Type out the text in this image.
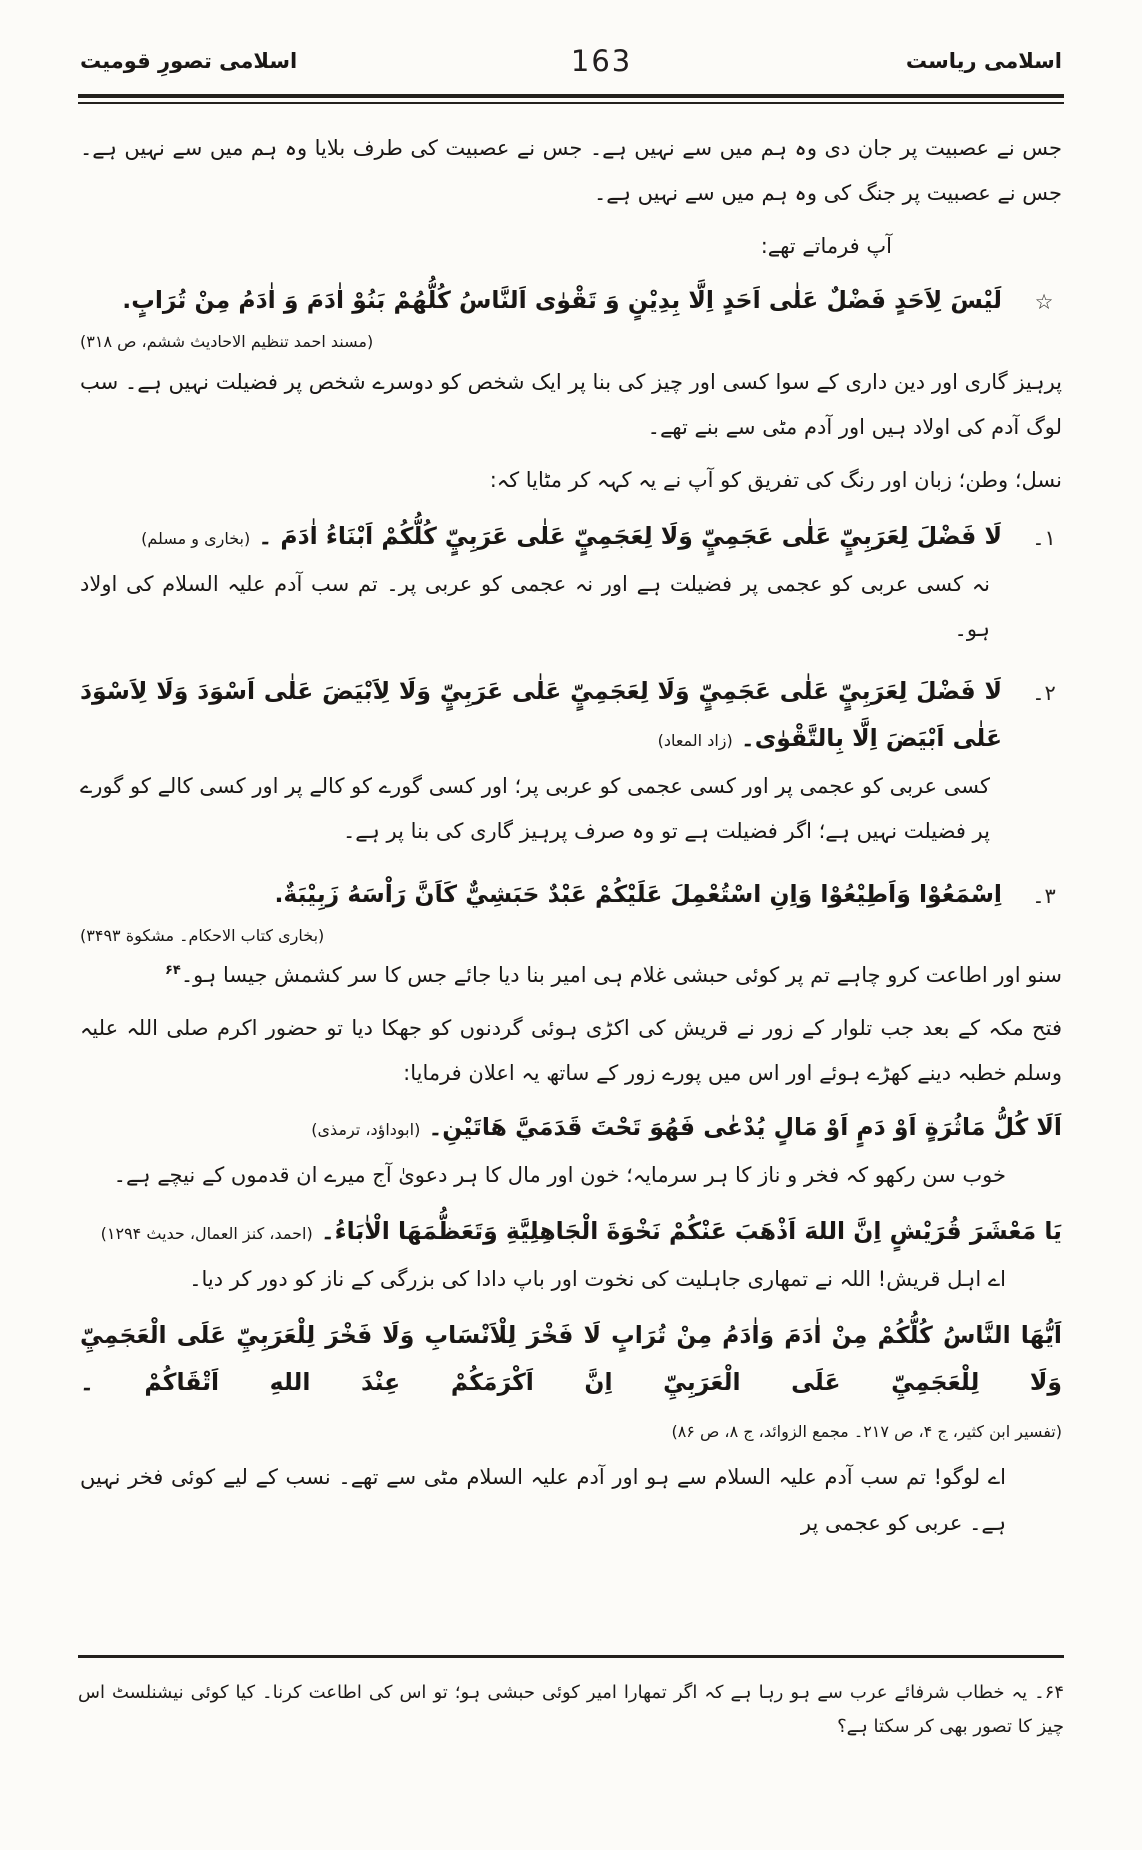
اسلامی ریاست
163
اسلامی تصورِ قومیت

جس نے عصبیت پر جان دی وہ ہم میں سے نہیں ہے۔ جس نے عصبیت کی طرف بلایا وہ ہم میں سے نہیں ہے۔ جس نے عصبیت پر جنگ کی وہ ہم میں سے نہیں ہے۔

آپ فرماتے تھے:

☆

لَيْسَ لِاَحَدٍ فَضْلٌ عَلٰی اَحَدٍ اِلَّا بِدِيْنٍ وَ تَقْوٰی اَلنَّاسُ كُلُّهُمْ بَنُوْ اٰدَمَ وَ اٰدَمُ مِنْ تُرَابٍ.

(مسند احمد تنظیم الاحادیث ششم، ص ۳۱۸)

پرہیز گاری اور دین داری کے سوا کسی اور چیز کی بنا پر ایک شخص کو دوسرے شخص پر فضیلت نہیں ہے۔ سب لوگ آدم کی اولاد ہیں اور آدم مٹی سے بنے تھے۔

نسل؛ وطن؛ زبان اور رنگ کی تفریق کو آپ نے یہ کہہ کر مٹایا کہ:

۱۔

لَا فَضْلَ لِعَرَبِيٍّ عَلٰی عَجَمِيٍّ وَلَا لِعَجَمِيٍّ عَلٰی عَرَبِيٍّ كُلُّكُمْ اَبْنَاءُ اٰدَمَ ۔ (بخاری و مسلم)

نہ کسی عربی کو عجمی پر فضیلت ہے اور نہ عجمی کو عربی پر۔ تم سب آدم علیہ السلام کی اولاد ہو۔

۲۔

لَا فَضْلَ لِعَرَبِيٍّ عَلٰی عَجَمِيٍّ وَلَا لِعَجَمِيٍّ عَلٰی عَرَبِيٍّ وَلَا لِاَبْيَضَ عَلٰی اَسْوَدَ وَلَا لِاَسْوَدَ عَلٰی اَبْيَضَ اِلَّا بِالتَّقْوٰی۔ (زاد المعاد)

کسی عربی کو عجمی پر اور کسی عجمی کو عربی پر؛ اور کسی گورے کو کالے پر اور کسی کالے کو گورے پر فضیلت نہیں ہے؛ اگر فضیلت ہے تو وہ صرف پرہیز گاری کی بنا پر ہے۔

۳۔

اِسْمَعُوْا وَاَطِيْعُوْا وَاِنِ اسْتُعْمِلَ عَلَيْكُمْ عَبْدٌ حَبَشِيٌّ كَاَنَّ رَاْسَهُ زَبِيْبَةٌ.

(بخاری کتاب الاحکام۔ مشکوة ۳۴۹۳)

سنو اور اطاعت کرو چاہے تم پر کوئی حبشی غلام ہی امیر بنا دیا جائے جس کا سر کشمش جیسا ہو۔$^{۶۴}$

فتح مکہ کے بعد جب تلوار کے زور نے قریش کی اکڑی ہوئی گردنوں کو جھکا دیا تو حضور اکرم صلی اللہ علیہ وسلم خطبہ دینے کھڑے ہوئے اور اس میں پورے زور کے ساتھ یہ اعلان فرمایا:

اَلَا كُلُّ مَاثُرَةٍ اَوْ دَمٍ اَوْ مَالٍ يُدْعٰی فَهُوَ تَحْتَ قَدَمَيَّ هَاتَيْنِ۔ (ابوداؤد، ترمذی)

خوب سن رکھو کہ فخر و ناز کا ہر سرمایہ؛ خون اور مال کا ہر دعویٰ آج میرے ان قدموں کے نیچے ہے۔

يَا مَعْشَرَ قُرَيْشٍ اِنَّ اللهَ اَذْهَبَ عَنْكُمْ نَخْوَةَ الْجَاهِلِيَّةِ وَتَعَظُّمَهَا الْاٰبَاءُ۔ (احمد، کنز العمال، حدیث ۱۲۹۴)

اے اہل قریش! اللہ نے تمھاری جاہلیت کی نخوت اور باپ دادا کی بزرگی کے ناز کو دور کر دیا۔

اَيُّهَا النَّاسُ كُلُّكُمْ مِنْ اٰدَمَ وَاٰدَمُ مِنْ تُرَابٍ لَا فَخْرَ لِلْاَنْسَابِ وَلَا فَخْرَ لِلْعَرَبِيِّ عَلَی الْعَجَمِيِّ وَلَا لِلْعَجَمِيِّ عَلَی الْعَرَبِيِّ اِنَّ اَكْرَمَكُمْ عِنْدَ اللهِ اَتْقَاكُمْ ۔ (تفسیر ابن کثیر، ج ۴، ص ۲۱۷۔ مجمع الزوائد، ج ۸، ص ۸۶)

اے لوگو! تم سب آدم علیہ السلام سے ہو اور آدم علیہ السلام مٹی سے تھے۔ نسب کے لیے کوئی فخر نہیں ہے۔ عربی کو عجمی پر

۶۴۔ یہ خطاب شرفائے عرب سے ہو رہا ہے کہ اگر تمھارا امیر کوئی حبشی ہو؛ تو اس کی اطاعت کرنا۔ کیا کوئی نیشنلسٹ اس چیز کا تصور بھی کر سکتا ہے؟
